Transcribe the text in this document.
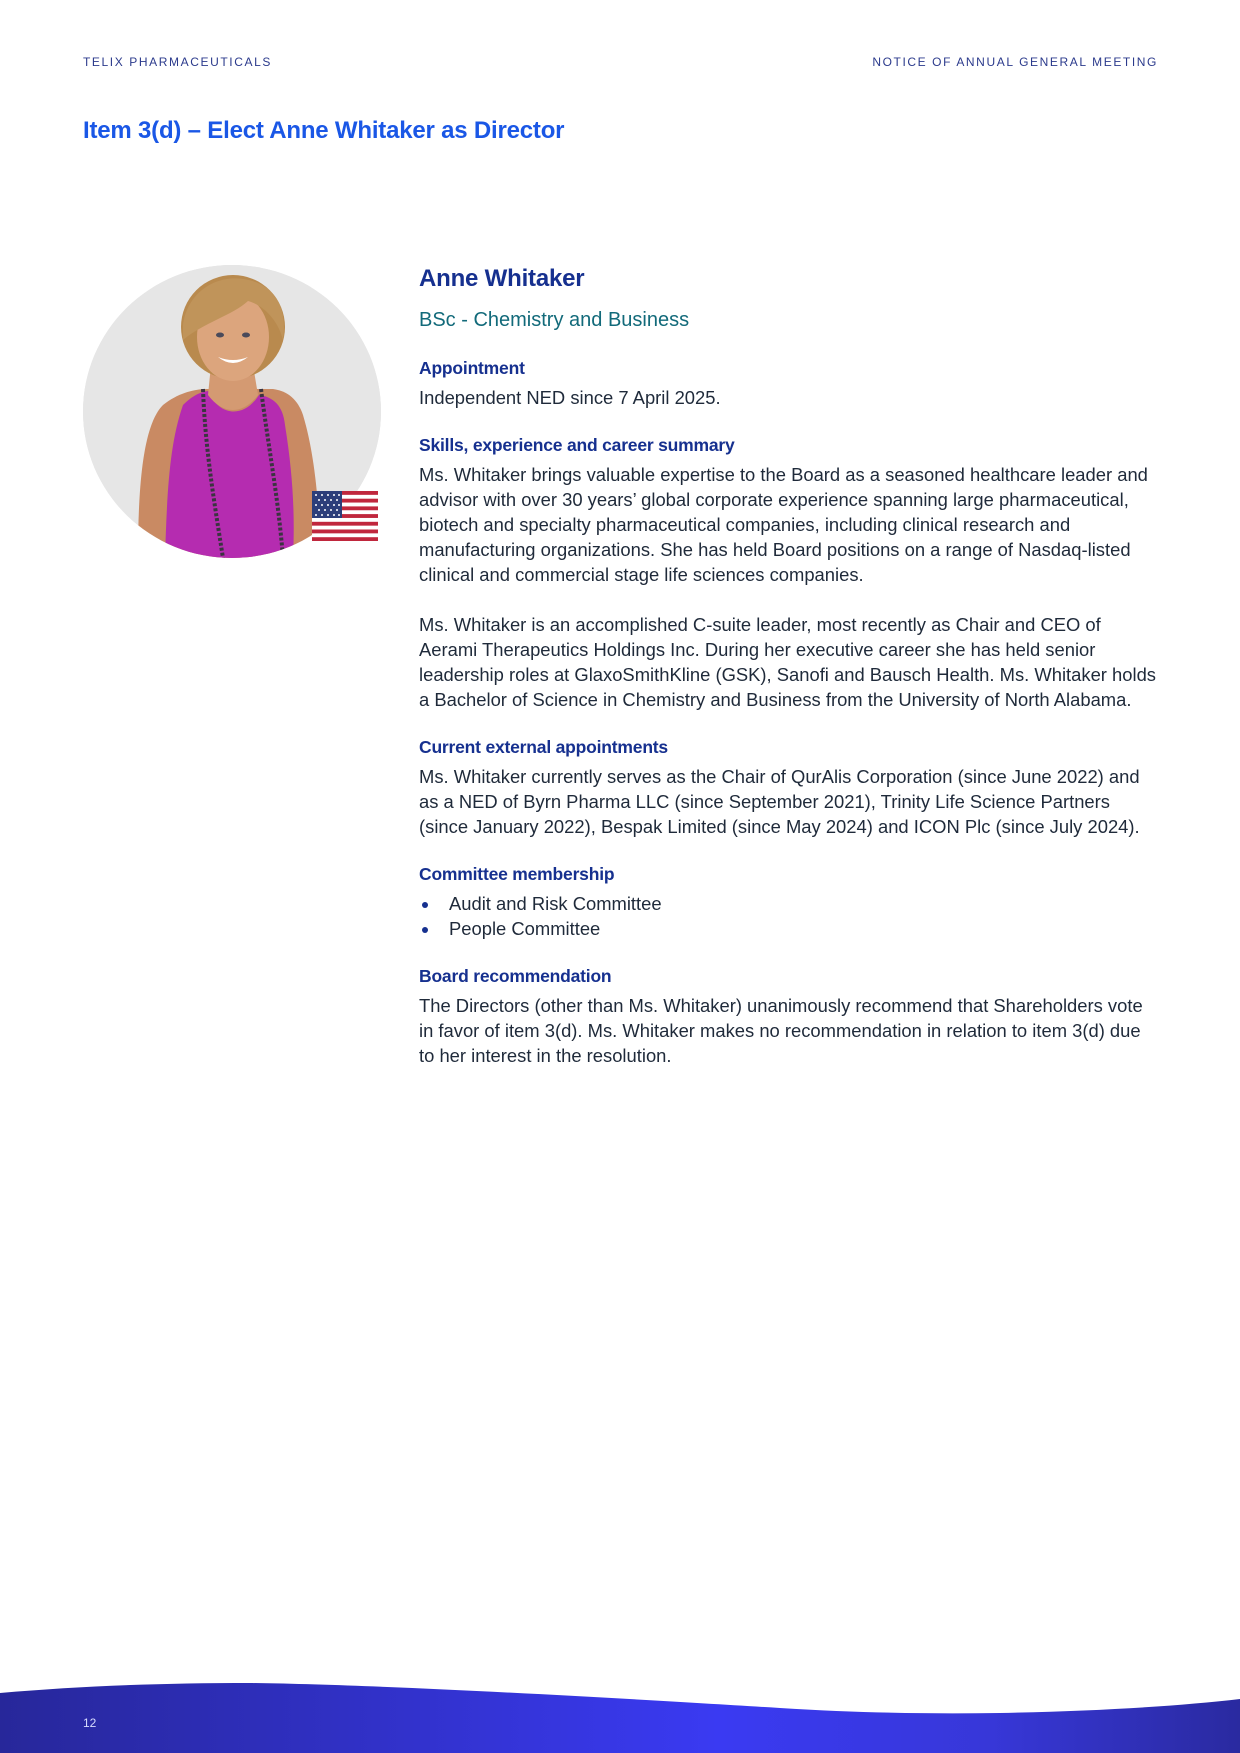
TELIX PHARMACEUTICALS	NOTICE OF ANNUAL GENERAL MEETING
Item 3(d) – Elect Anne Whitaker as Director
Anne Whitaker
BSc - Chemistry and Business
Appointment

Independent NED since 7 April 2025.

Skills, experience and career summary

Ms. Whitaker brings valuable expertise to the Board as a seasoned healthcare leader and advisor with over 30 years’ global corporate experience spanning large pharmaceutical, biotech and specialty pharmaceutical companies, including clinical research and manufacturing organizations. She has held Board positions on a range of Nasdaq-listed clinical and commercial stage life sciences companies.

Ms. Whitaker is an accomplished C-suite leader, most recently as Chair and CEO of Aerami Therapeutics Holdings Inc. During her executive career she has held senior leadership roles at GlaxoSmithKline (GSK), Sanofi and Bausch Health. Ms. Whitaker holds a Bachelor of Science in Chemistry and Business from the University of North Alabama.

Current external appointments

Ms. Whitaker currently serves as the Chair of QurAlis Corporation (since June 2022) and as a NED of Byrn Pharma LLC (since September 2021), Trinity Life Science Partners (since January 2022), Bespak Limited (since May 2024) and ICON Plc (since July 2024).

Committee membership
Audit and Risk Committee
People Committee
Board recommendation

The Directors (other than Ms. Whitaker) unanimously recommend that Shareholders vote in favor of item 3(d). Ms. Whitaker makes no recommendation in relation to item 3(d) due to her interest in the resolution.

12
